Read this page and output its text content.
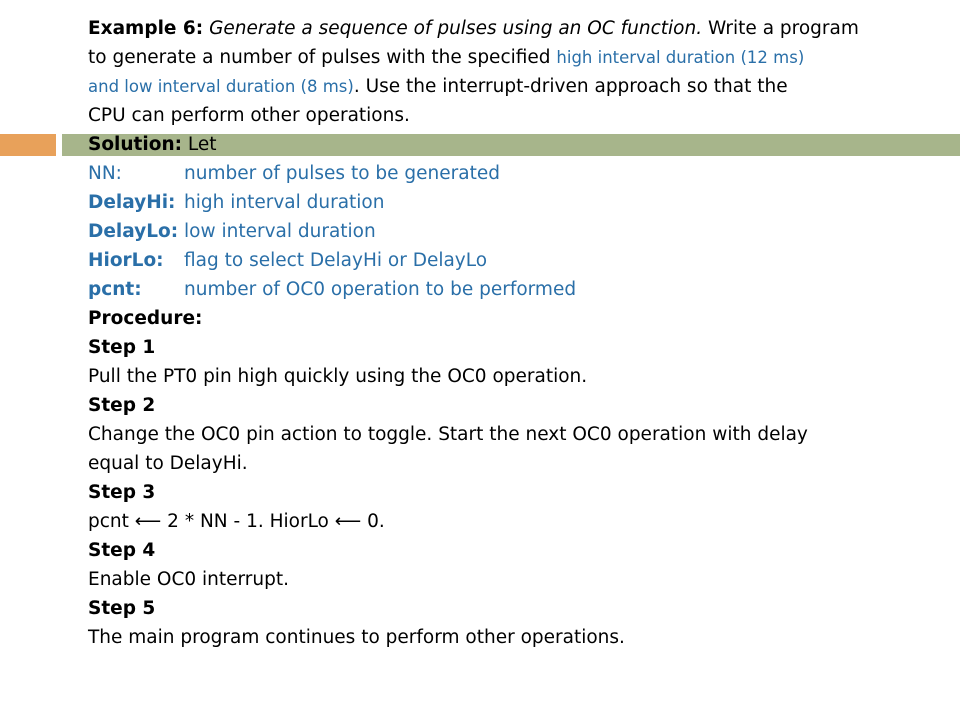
Example 6: Generate a sequence of pulses using an OC function. Write a program
to generate a number of pulses with the specified high interval duration (12 ms)
and low interval duration (8 ms). Use the interrupt-driven approach so that the
CPU can perform other operations.
Solution: Let
NN:	number of pulses to be generated
DelayHi: high interval duration
DelayLo: low interval duration
HiorLo: flag to select DelayHi or DelayLo
pcnt: number of OC0 operation to be performed
Procedure:
Step 1
Pull the PT0 pin high quickly using the OC0 operation.
Step 2
Change the OC0 pin action to toggle. Start the next OC0 operation with delay
equal to DelayHi.
Step 3
pcnt ⟵ 2 * NN - 1. HiorLo ⟵ 0.
Step 4
Enable OC0 interrupt.
Step 5
The main program continues to perform other operations.
